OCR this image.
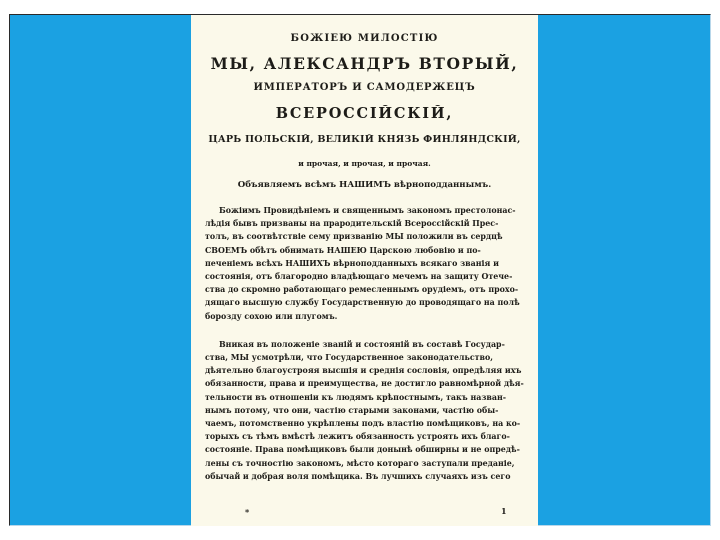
БОЖІЕЮ МИЛОСТІЮ
МЫ, АЛЕКСАНДРЪ ВТОРЫЙ,
ИМПЕРАТОРЪ И САМОДЕРЖЕЦЪ
ВСЕРОССІЙСКІЙ,
ЦАРЬ ПОЛЬСКІЙ, ВЕЛИКІЙ КНЯЗЬ ФИНЛЯНДСКІЙ,
и прочая, и прочая, и прочая.
Объявляемъ всѣмъ НАШИМЪ вѣрноподданнымъ.
Божіимъ Провидѣніемъ и священнымъ закономъ престолонас-
лѣдія бывъ призваны на прародительскій Всероссійскій Прес-
толъ, въ соотвѣтствіе сему призванію МЫ положили въ сердцѣ
СВОЕМЪ обѣтъ обнимать НАШЕЮ Царскою любовію и по-
печеніемъ всѣхъ НАШИХЪ вѣрноподданныхъ всякаго званія и
состоянія, отъ благородно владѣющаго мечемъ на защиту Отече-
ства до скромно работающаго ремесленнымъ орудіемъ, отъ прохо-
дящаго высшую службу Государственную до проводящаго на полѣ
борозду сохою или плугомъ.
Вникая въ положеніе званій и состояній въ составѣ Государ-
ства, МЫ усмотрѣли, что Государственное законодательство,
дѣятельно благоустрояя высшія и среднія сословія, опредѣляя ихъ
обязанности, права и преимущества, не достигло равномѣрной дѣя-
тельности въ отношеніи къ людямъ крѣпостнымъ, такъ назван-
нымъ потому, что они, частію старыми законами, частію обы-
чаемъ, потомственно укрѣплены подъ властію помѣщиковъ, на ко-
торыхъ съ тѣмъ вмѣстѣ лежитъ обязанность устроять ихъ благо-
состояніе. Права помѣщиковъ были донынѣ обширны и не опредѣ-
лены съ точностію закономъ, мѣсто котораго заступали преданіе,
обычай и добрая воля помѣщика. Въ лучшихъ случаяхъ изъ сего
*	1
